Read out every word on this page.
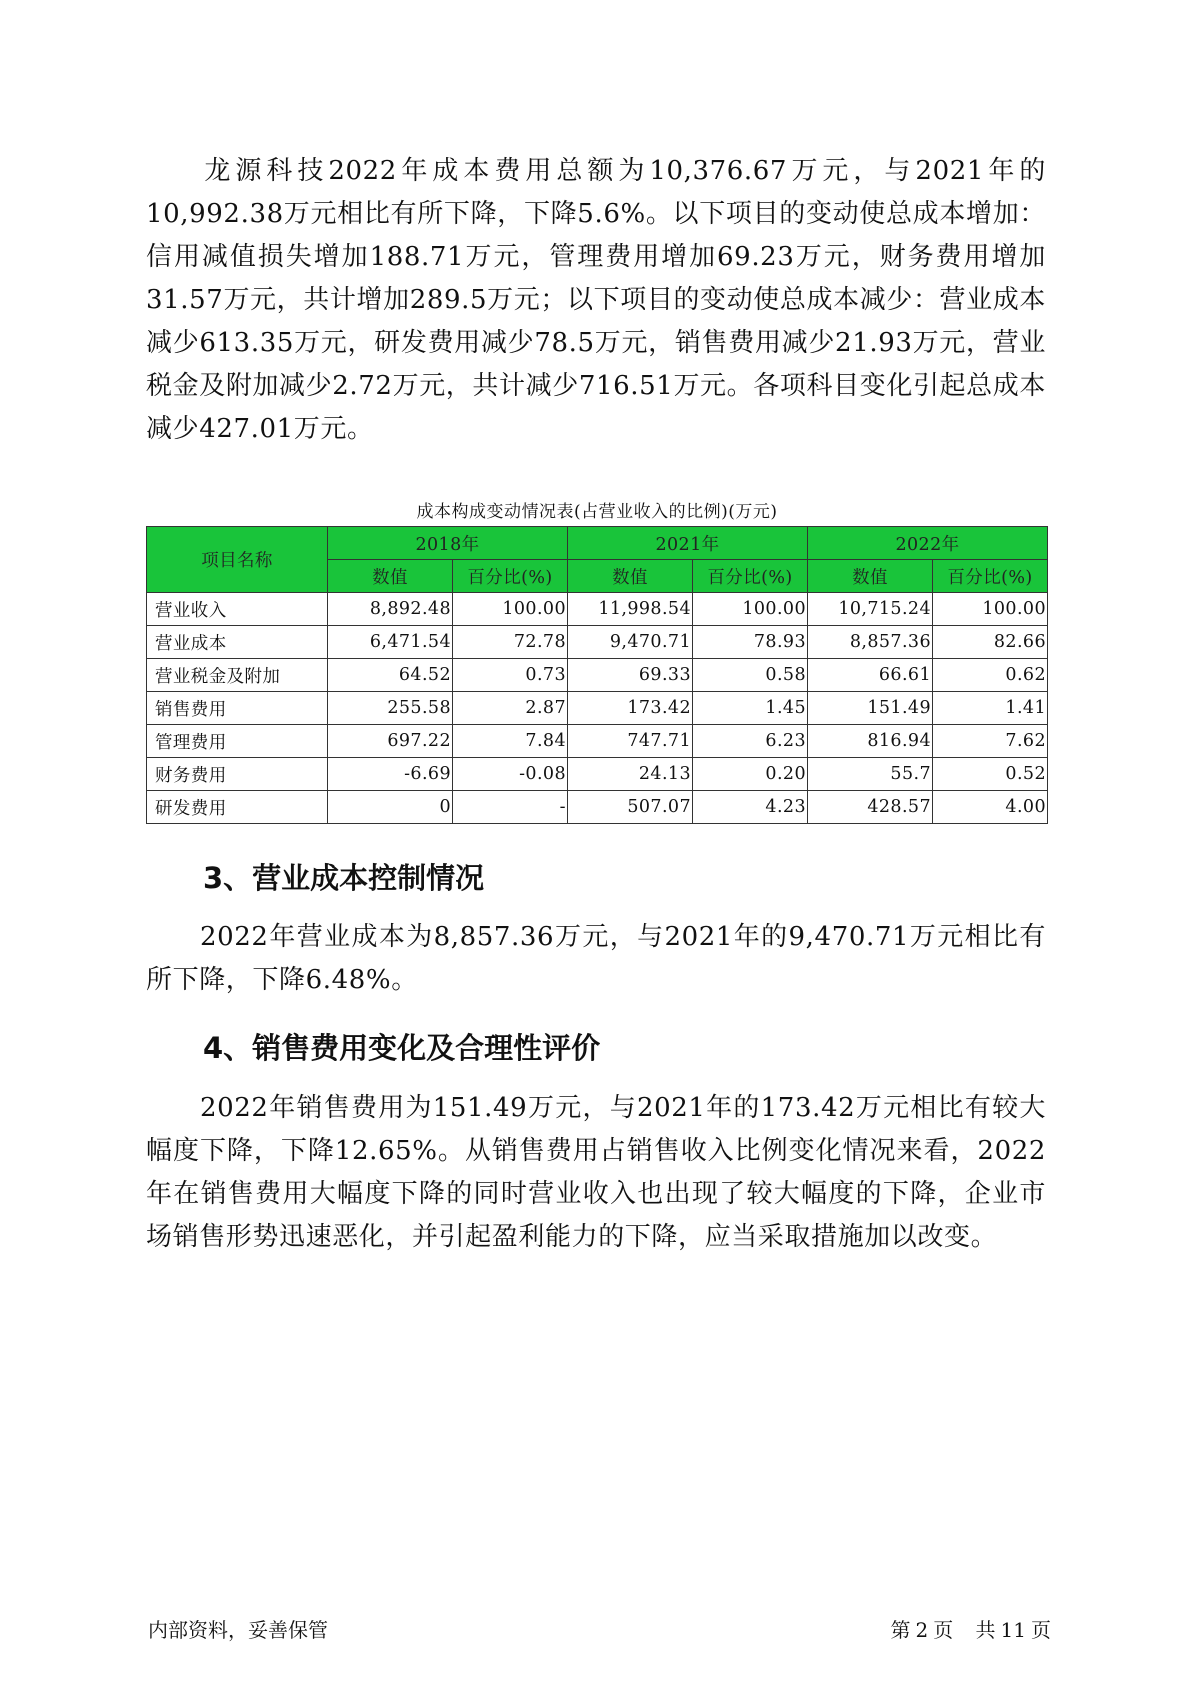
龙源科技2022年成本费用总额为10,376.67万元，与2021年的10,992.38万元相比有所下降，下降5.6%。以下项目的变动使总成本增加：信用减值损失增加188.71万元，管理费用增加69.23万元，财务费用增加31.57万元，共计增加289.5万元；以下项目的变动使总成本减少：营业成本减少613.35万元，研发费用减少78.5万元，销售费用减少21.93万元，营业税金及附加减少2.72万元，共计减少716.51万元。各项科目变化引起总成本减少427.01万元。

成本构成变动情况表(占营业收入的比例)(万元)
项目名称	2018年		2021年		2022年	
	数值	百分比(%)	数值	百分比(%)	数值	百分比(%)
营业收入	8,892.48	100.00	11,998.54	100.00	10,715.24	100.00
营业成本	6,471.54	72.78	9,470.71	78.93	8,857.36	82.66
营业税金及附加	64.52	0.73	69.33	0.58	66.61	0.62
销售费用	255.58	2.87	173.42	1.45	151.49	1.41
管理费用	697.22	7.84	747.71	6.23	816.94	7.62
财务费用	-6.69	-0.08	24.13	0.20	55.7	0.52
研发费用	0	-	507.07	4.23	428.57	4.00
3、营业成本控制情况

2022年营业成本为8,857.36万元，与2021年的9,470.71万元相比有所下降，下降6.48%。

4、销售费用变化及合理性评价

2022年销售费用为151.49万元，与2021年的173.42万元相比有较大幅度下降，下降12.65%。从销售费用占销售收入比例变化情况来看，2022年在销售费用大幅度下降的同时营业收入也出现了较大幅度的下降，企业市场销售形势迅速恶化，并引起盈利能力的下降，应当采取措施加以改变。

内部资料，妥善保管	第 2 页 共 11 页
